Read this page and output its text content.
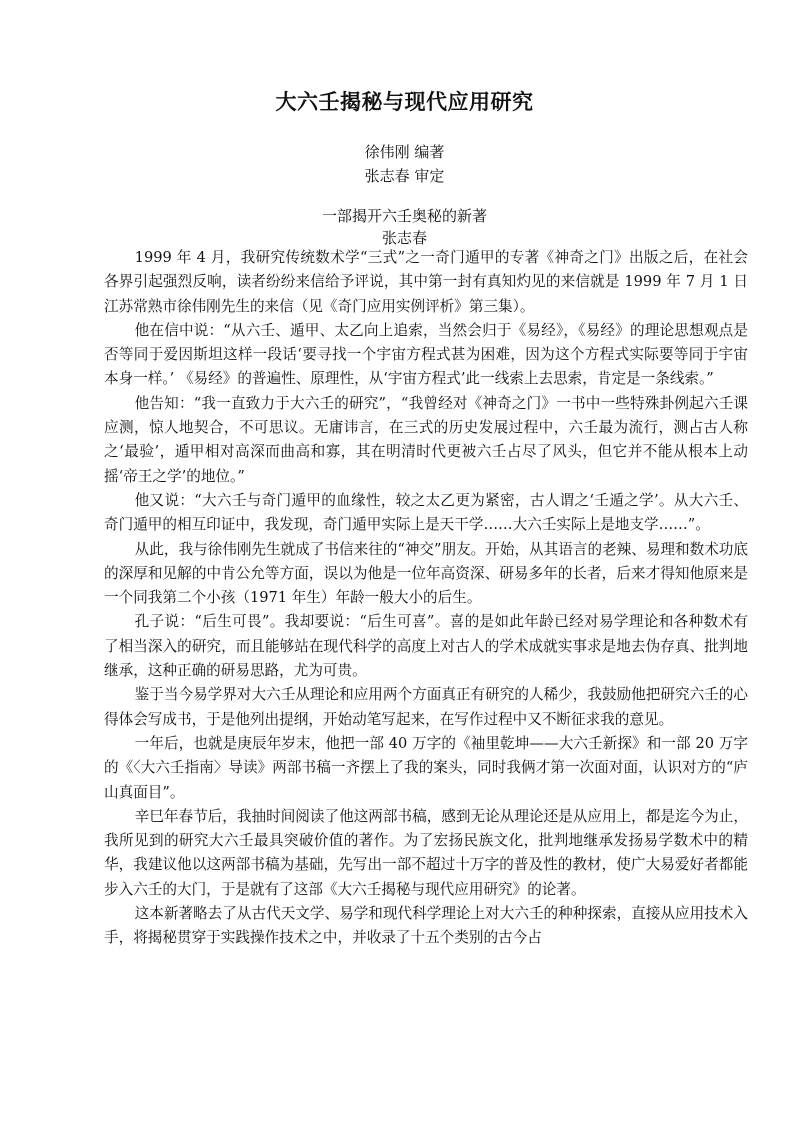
大六壬揭秘与现代应用研究
徐伟刚 编著
张志春 审定
一部揭开六壬奥秘的新著
张志春

1999 年 4 月，我研究传统数术学“三式”之一奇门遁甲的专著《神奇之门》出版之后，在社会各界引起强烈反响，读者纷纷来信给予评说，其中第一封有真知灼见的来信就是 1999 年 7 月 1 日江苏常熟市徐伟刚先生的来信（见《奇门应用实例评析》第三集）。

他在信中说：“从六壬、遁甲、太乙向上追索，当然会归于《易经》，《易经》的理论思想观点是否等同于爱因斯坦这样一段话‘要寻找一个宇宙方程式甚为困难，因为这个方程式实际要等同于宇宙本身一样。’ 《易经》的普遍性、原理性，从‘宇宙方程式’此一线索上去思索，肯定是一条线索。”

他告知：“我一直致力于大六壬的研究”，“我曾经对《神奇之门》一书中一些特殊卦例起六壬课应测，惊人地契合，不可思议。无庸讳言，在三式的历史发展过程中，六壬最为流行，测占古人称之‘最验’，遁甲相对高深而曲高和寡，其在明清时代更被六壬占尽了风头，但它并不能从根本上动摇‘帝王之学’的地位。”

他又说：“大六壬与奇门遁甲的血缘性，较之太乙更为紧密，古人谓之‘壬遁之学’。从大六壬、奇门遁甲的相互印证中，我发现，奇门遁甲实际上是天干学……大六壬实际上是地支学……”。

从此，我与徐伟刚先生就成了书信来往的“神交”朋友。开始，从其语言的老辣、易理和数术功底的深厚和见解的中肯公允等方面，误以为他是一位年高资深、研易多年的长者，后来才得知他原来是一个同我第二个小孩（1971 年生）年龄一般大小的后生。

孔子说：“后生可畏”。我却要说：“后生可喜”。喜的是如此年龄已经对易学理论和各种数术有了相当深入的研究，而且能够站在现代科学的高度上对古人的学术成就实事求是地去伪存真、批判地继承，这种正确的研易思路，尤为可贵。

鉴于当今易学界对大六壬从理论和应用两个方面真正有研究的人稀少，我鼓励他把研究六壬的心得体会写成书，于是他列出提纲，开始动笔写起来，在写作过程中又不断征求我的意见。

一年后，也就是庚辰年岁末，他把一部 40 万字的《袖里乾坤——大六壬新探》和一部 20 万字的《〈大六壬指南〉导读》两部书稿一齐摆上了我的案头，同时我俩才第一次面对面，认识对方的“庐山真面目”。

辛巳年春节后，我抽时间阅读了他这两部书稿，感到无论从理论还是从应用上，都是迄今为止，我所见到的研究大六壬最具突破价值的著作。为了宏扬民族文化，批判地继承发扬易学数术中的精华，我建议他以这两部书稿为基础，先写出一部不超过十万字的普及性的教材，使广大易爱好者都能步入六壬的大门，于是就有了这部《大六壬揭秘与现代应用研究》的论著。

这本新著略去了从古代天文学、易学和现代科学理论上对大六壬的种种探索，直接从应用技术入手，将揭秘贯穿于实践操作技术之中，并收录了十五个类别的古今占
